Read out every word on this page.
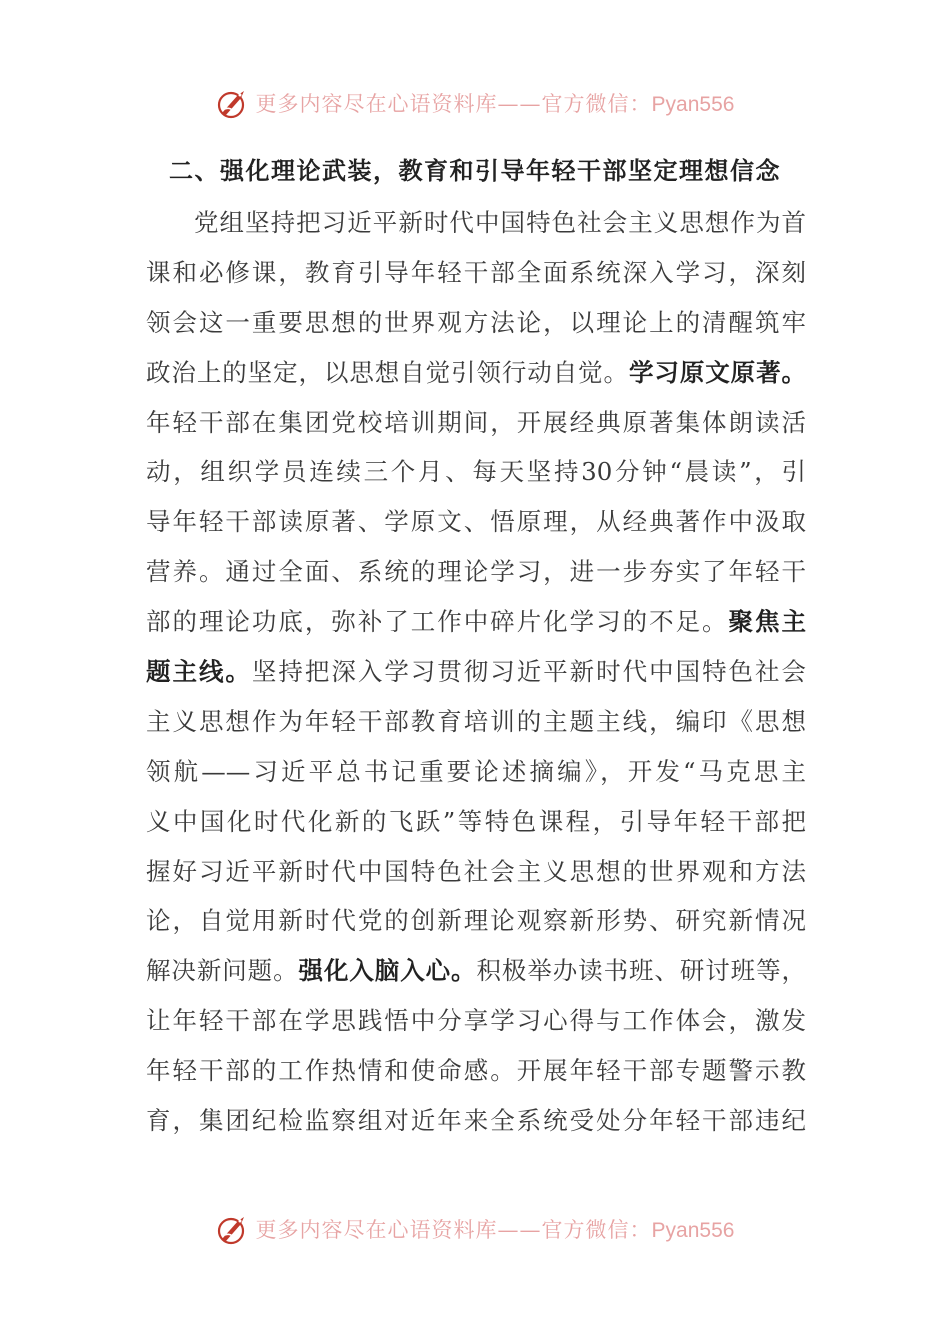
更多内容尽在心语资料库——官方微信：Pyan556
二、强化理论武装，教育和引导年轻干部坚定理想信念
党组坚持把习近平新时代中国特色社会主义思想作为首
课和必修课，教育引导年轻干部全面系统深入学习，深刻
领会这一重要思想的世界观方法论，以理论上的清醒筑牢
政治上的坚定，以思想自觉引领行动自觉。学习原文原著。
年轻干部在集团党校培训期间，开展经典原著集体朗读活
动，组织学员连续三个月、每天坚持30分钟“晨读”，引
导年轻干部读原著、学原文、悟原理，从经典著作中汲取
营养。通过全面、系统的理论学习，进一步夯实了年轻干
部的理论功底，弥补了工作中碎片化学习的不足。聚焦主
题主线。坚持把深入学习贯彻习近平新时代中国特色社会
主义思想作为年轻干部教育培训的主题主线，编印《思想
领航——习近平总书记重要论述摘编》，开发“马克思主
义中国化时代化新的飞跃”等特色课程，引导年轻干部把
握好习近平新时代中国特色社会主义思想的世界观和方法
论，自觉用新时代党的创新理论观察新形势、研究新情况
解决新问题。强化入脑入心。积极举办读书班、研讨班等，
让年轻干部在学思践悟中分享学习心得与工作体会，激发
年轻干部的工作热情和使命感。开展年轻干部专题警示教
育，集团纪检监察组对近年来全系统受处分年轻干部违纪
更多内容尽在心语资料库——官方微信：Pyan556
